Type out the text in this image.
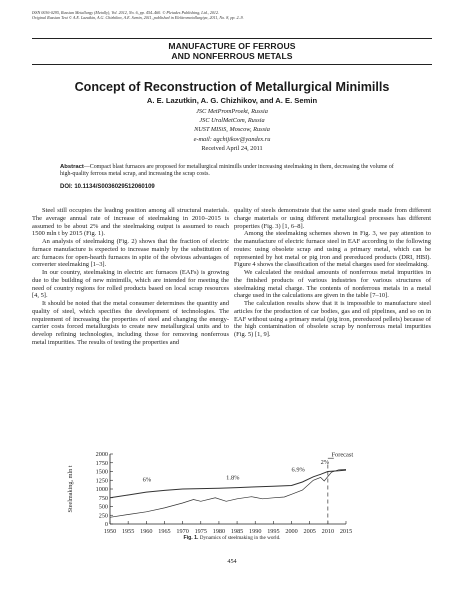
ISSN 0036-0295, Russian Metallurgy (Metally), Vol. 2012, No. 6, pp. 454–460. © Pleiades Publishing, Ltd., 2012.
Original Russian Text © A.E. Lazutkin, A.G. Chizhikov, A.E. Semin, 2011, published in Elektrometallurgiya, 2011, No. 8, pp. 2–9.
MANUFACTURE OF FERROUS
AND NONFERROUS METALS
Concept of Reconstruction of Metallurgical Minimills
A. E. Lazutkin, A. G. Chizhikov, and A. E. Semin
JSC MetPromProekt, Russia
JSC UralMetCom, Russia
NUST MISiS, Moscow, Russia
e-mail: agchijikov@yandex.ru
Received April 24, 2011
Abstract—Compact blast furnaces are proposed for metallurgical minimills under increasing steelmaking in them, decreasing the volume of high-quality ferrous metal scrap, and increasing the scrap costs.
DOI: 10.1134/S0036029512060109

Steel still occupies the leading position among all structural materials. The average annual rate of increase of steelmaking in 2010–2015 is assumed to be about 2% and the steelmaking output is assumed to reach 1500 mln t by 2015 (Fig. 1).

An analysis of steelmaking (Fig. 2) shows that the fraction of electric furnace manufacture is expected to increase mainly by the substitution of arc furnaces for open-hearth furnaces in spite of the obvious advantages of converter steelmaking [1–3].

In our country, steelmaking in electric arc furnaces (EAFs) is growing due to the building of new minimills, which are intended for meeting the need of country regions for rolled products based on local scrap resources [4, 5].

It should be noted that the metal consumer determines the quantity and quality of steel, which specifies the development of technologies. The requirement of increasing the properties of steel and changing the energy-carrier costs forced metallurgists to create new metallurgical units and to develop refining technologies, including those for removing nonferrous metal impurities. The results of testing the properties and

quality of steels demonstrate that the same steel grade made from different charge materials or using different metallurgical processes has different properties (Fig. 3) [1, 6–8].

Among the steelmaking schemes shown in Fig. 3, we pay attention to the manufacture of electric furnace steel in EAF according to the following routes: using obsolete scrap and using a primary metal, which can be represented by hot metal or pig iron and prereduced products (DRI, HBI). Figure 4 shows the classification of the metal charges used for steelmaking.

We calculated the residual amounts of nonferrous metal impurities in the finished products of various industries for various structures of steelmaking metal charge. The contents of nonferrous metals in a metal charge used in the calculations are given in the table [7–10].

The calculation results show that it is impossible to manufacture steel articles for the production of car bodies, gas and oil pipelines, and so on in EAF without using a primary metal (pig iron, prereduced pellets) because of the high contamination of obsolete scrap by nonferrous metal impurities (Fig. 5) [1, 9].

0
250
500
750
1000
1250
1500
1750
2000
1950 1955 1960 1965 1970 1975 1980 1985 1990 1995 2000 2005 2010 2015
Steelmaking, mln t	6%	1.8%
6.9%
2%
Forecast
Fig. 1. Dynamics of steelmaking in the world.
454
